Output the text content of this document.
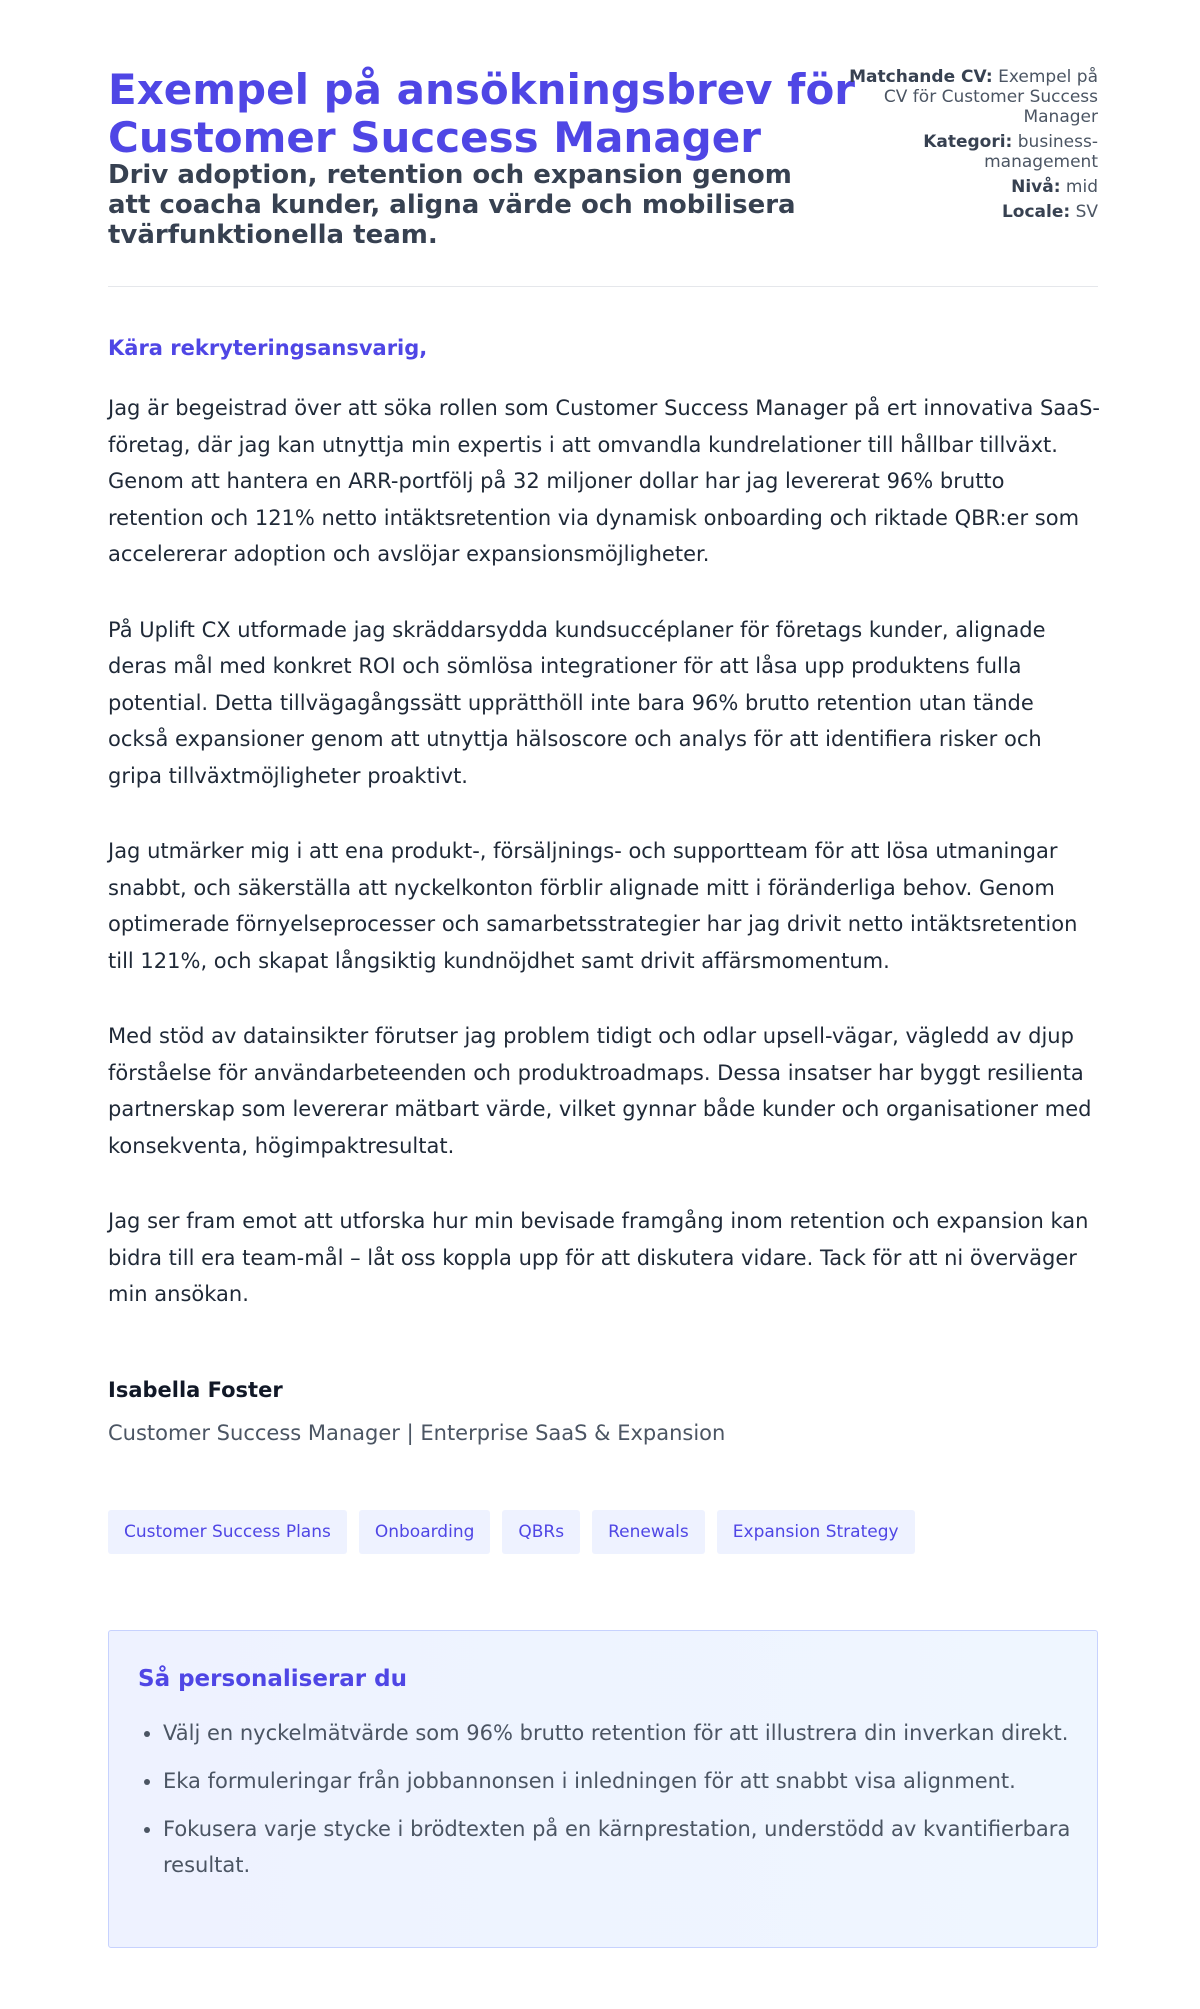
Exempel på ansökningsbrev för Customer Success Manager
Driv adoption, retention och expansion genom att coacha kunder, aligna värde och mobilisera tvärfunktionella team.
Matchande CV: Exempel på CV för Customer Success Manager
Kategori: business-management
Nivå: mid
Locale: SV

Kära rekryteringsansvarig,

Jag är begeistrad över att söka rollen som Customer Success Manager på ert innovativa SaaS-företag, där jag kan utnyttja min expertis i att omvandla kundrelationer till hållbar tillväxt. Genom att hantera en ARR-portfölj på 32 miljoner dollar har jag levererat 96% brutto retention och 121% netto intäktsretention via dynamisk onboarding och riktade QBR:er som accelererar adoption och avslöjar expansionsmöjligheter.

På Uplift CX utformade jag skräddarsydda kundsuccéplaner för företags kunder, alignade deras mål med konkret ROI och sömlösa integrationer för att låsa upp produktens fulla potential. Detta tillvägagångssätt upprätthöll inte bara 96% brutto retention utan tände också expansioner genom att utnyttja hälsoscore och analys för att identifiera risker och gripa tillväxtmöjligheter proaktivt.

Jag utmärker mig i att ena produkt-, försäljnings- och supportteam för att lösa utmaningar snabbt, och säkerställa att nyckelkonton förblir alignade mitt i föränderliga behov. Genom optimerade förnyelseprocesser och samarbetsstrategier har jag drivit netto intäktsretention till 121%, och skapat långsiktig kundnöjdhet samt drivit affärsmomentum.

Med stöd av datainsikter förutser jag problem tidigt och odlar upsell-vägar, vägledd av djup förståelse för användarbeteenden och produktroadmaps. Dessa insatser har byggt resilienta partnerskap som levererar mätbart värde, vilket gynnar både kunder och organisationer med konsekventa, högimpaktresultat.

Jag ser fram emot att utforska hur min bevisade framgång inom retention och expansion kan bidra till era team-mål – låt oss koppla upp för att diskutera vidare. Tack för att ni överväger min ansökan.

Isabella Foster
Customer Success Manager | Enterprise SaaS & Expansion
Customer Success Plans	Onboarding	QBRs	Renewals	Expansion Strategy
Så personaliserar du
• Välj en nyckelmätvärde som 96% brutto retention för att illustrera din inverkan direkt.
• Eka formuleringar från jobbannonsen i inledningen för att snabbt visa alignment.
• Fokusera varje stycke i brödtexten på en kärnprestation, understödd av kvantifierbara resultat.
